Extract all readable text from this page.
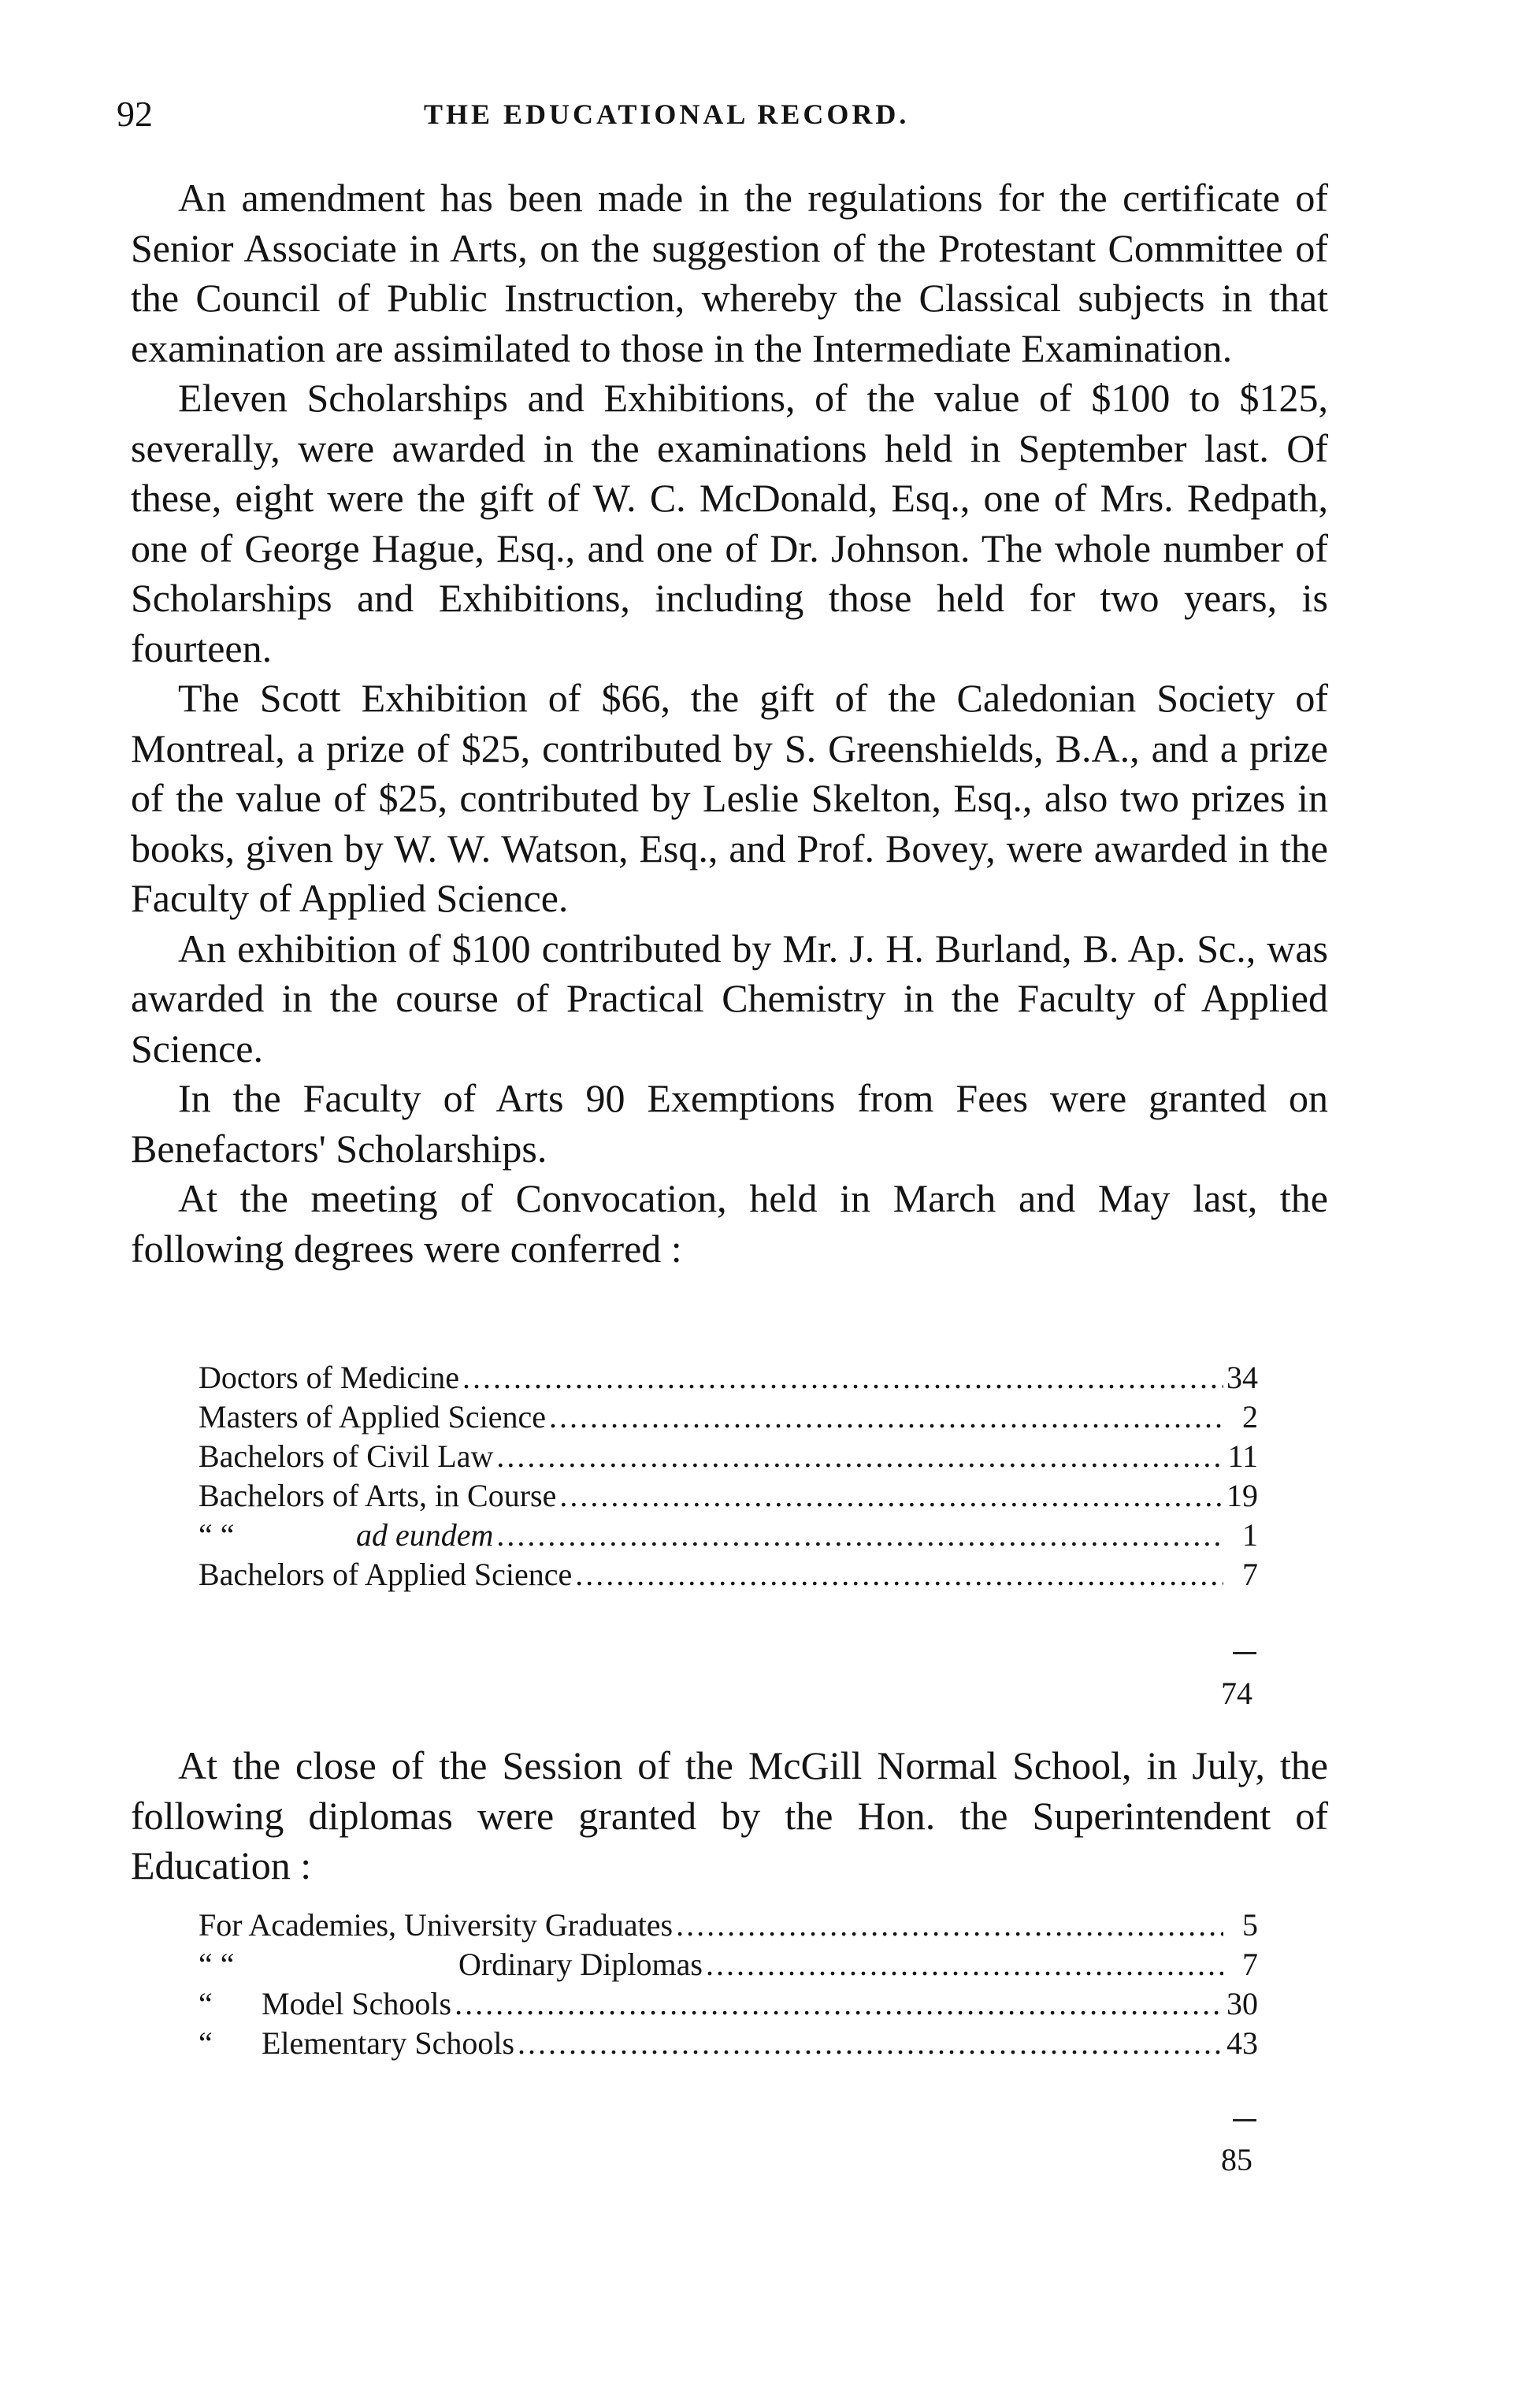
92	THE EDUCATIONAL RECORD.

An amendment has been made in the regulations for the certificate of Senior Associate in Arts, on the suggestion of the Protestant Committee of the Council of Public Instruction, whereby the Classical subjects in that examination are assimilated to those in the Intermediate Examination.

Eleven Scholarships and Exhibitions, of the value of $100 to $125, severally, were awarded in the examinations held in September last. Of these, eight were the gift of W. C. McDonald, Esq., one of Mrs. Redpath, one of George Hague, Esq., and one of Dr. Johnson. The whole number of Scholarships and Exhibitions, including those held for two years, is fourteen.

The Scott Exhibition of $66, the gift of the Caledonian Society of Montreal, a prize of $25, contributed by S. Greenshields, B.A., and a prize of the value of $25, contributed by Leslie Skelton, Esq., also two prizes in books, given by W. W. Watson, Esq., and Prof. Bovey, were awarded in the Faculty of Applied Science.

An exhibition of $100 contributed by Mr. J. H. Burland, B. Ap. Sc., was awarded in the course of Practical Chemistry in the Faculty of Applied Science.

In the Faculty of Arts 90 Exemptions from Fees were granted on Benefactors' Scholarships.

At the meeting of Convocation, held in March and May last, the following degrees were conferred :

Doctors of Medicine .....	34
Masters of Applied Science .....	2
Bachelors of Civil Law .....	11
Bachelors of Arts, in Course .....	19
“ “	ad eundem .....	1
Bachelors of Applied Science .....	7
74

At the close of the Session of the McGill Normal School, in July, the following diplomas were granted by the Hon. the Superintendent of Education :

For Academies, University Graduates .....	5
“ “	Ordinary Diplomas .....	7
“ Model Schools .....	30
“ Elementary Schools .....	43
85
